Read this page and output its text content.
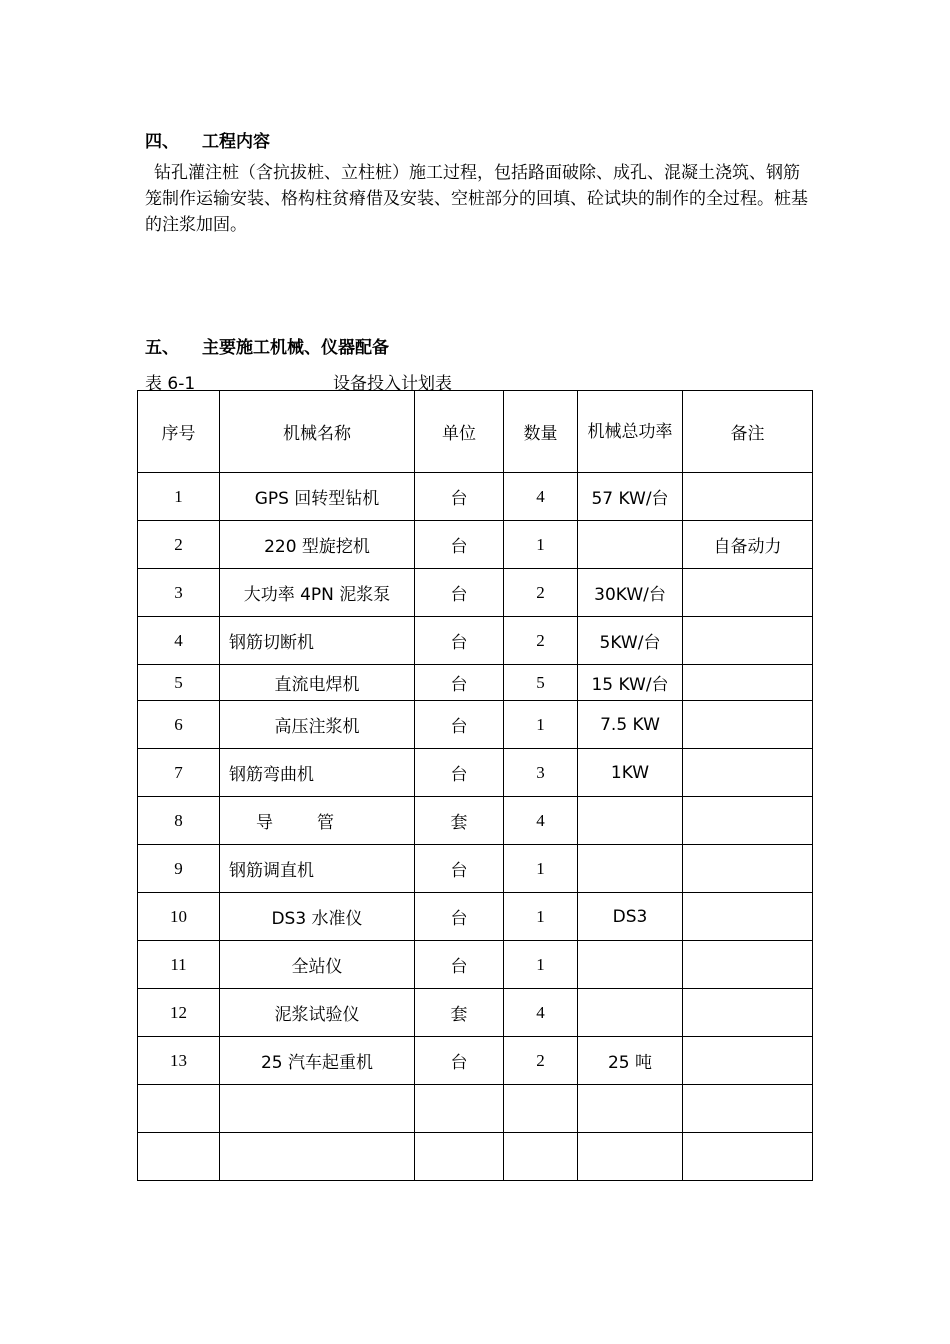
四、 工程内容
钻孔灌注桩（含抗拔桩、立柱桩）施工过程，包括路面破除、成孔、混凝土浇筑、钢筋笼制作运输安装、格构柱贫瘠借及安装、空桩部分的回填、砼试块的制作的全过程。桩基的注浆加固。
五、 主要施工机械、仪器配备
表 6-1	设备投入计划表
序号	机械名称	单位	数量	机械总功率	备注
1	GPS 回转型钻机	台	4	57 KW/台	
2	220 型旋挖机	台	1		自备动力
3	大功率 4PN 泥浆泵	台	2	30KW/台	
4	钢筋切断机	台	2	5KW/台	
5	直流电焊机	台	5	15 KW/台	
6	高压注浆机	台	1	7.5 KW	
7	钢筋弯曲机	台	3	1KW	
8	导管	套	4		
9	钢筋调直机	台	1		
10	DS3 水准仪	台	1	DS3	
11	全站仪	台	1		
12	泥浆试验仪	套	4		
13	25 汽车起重机	台	2	25 吨	
